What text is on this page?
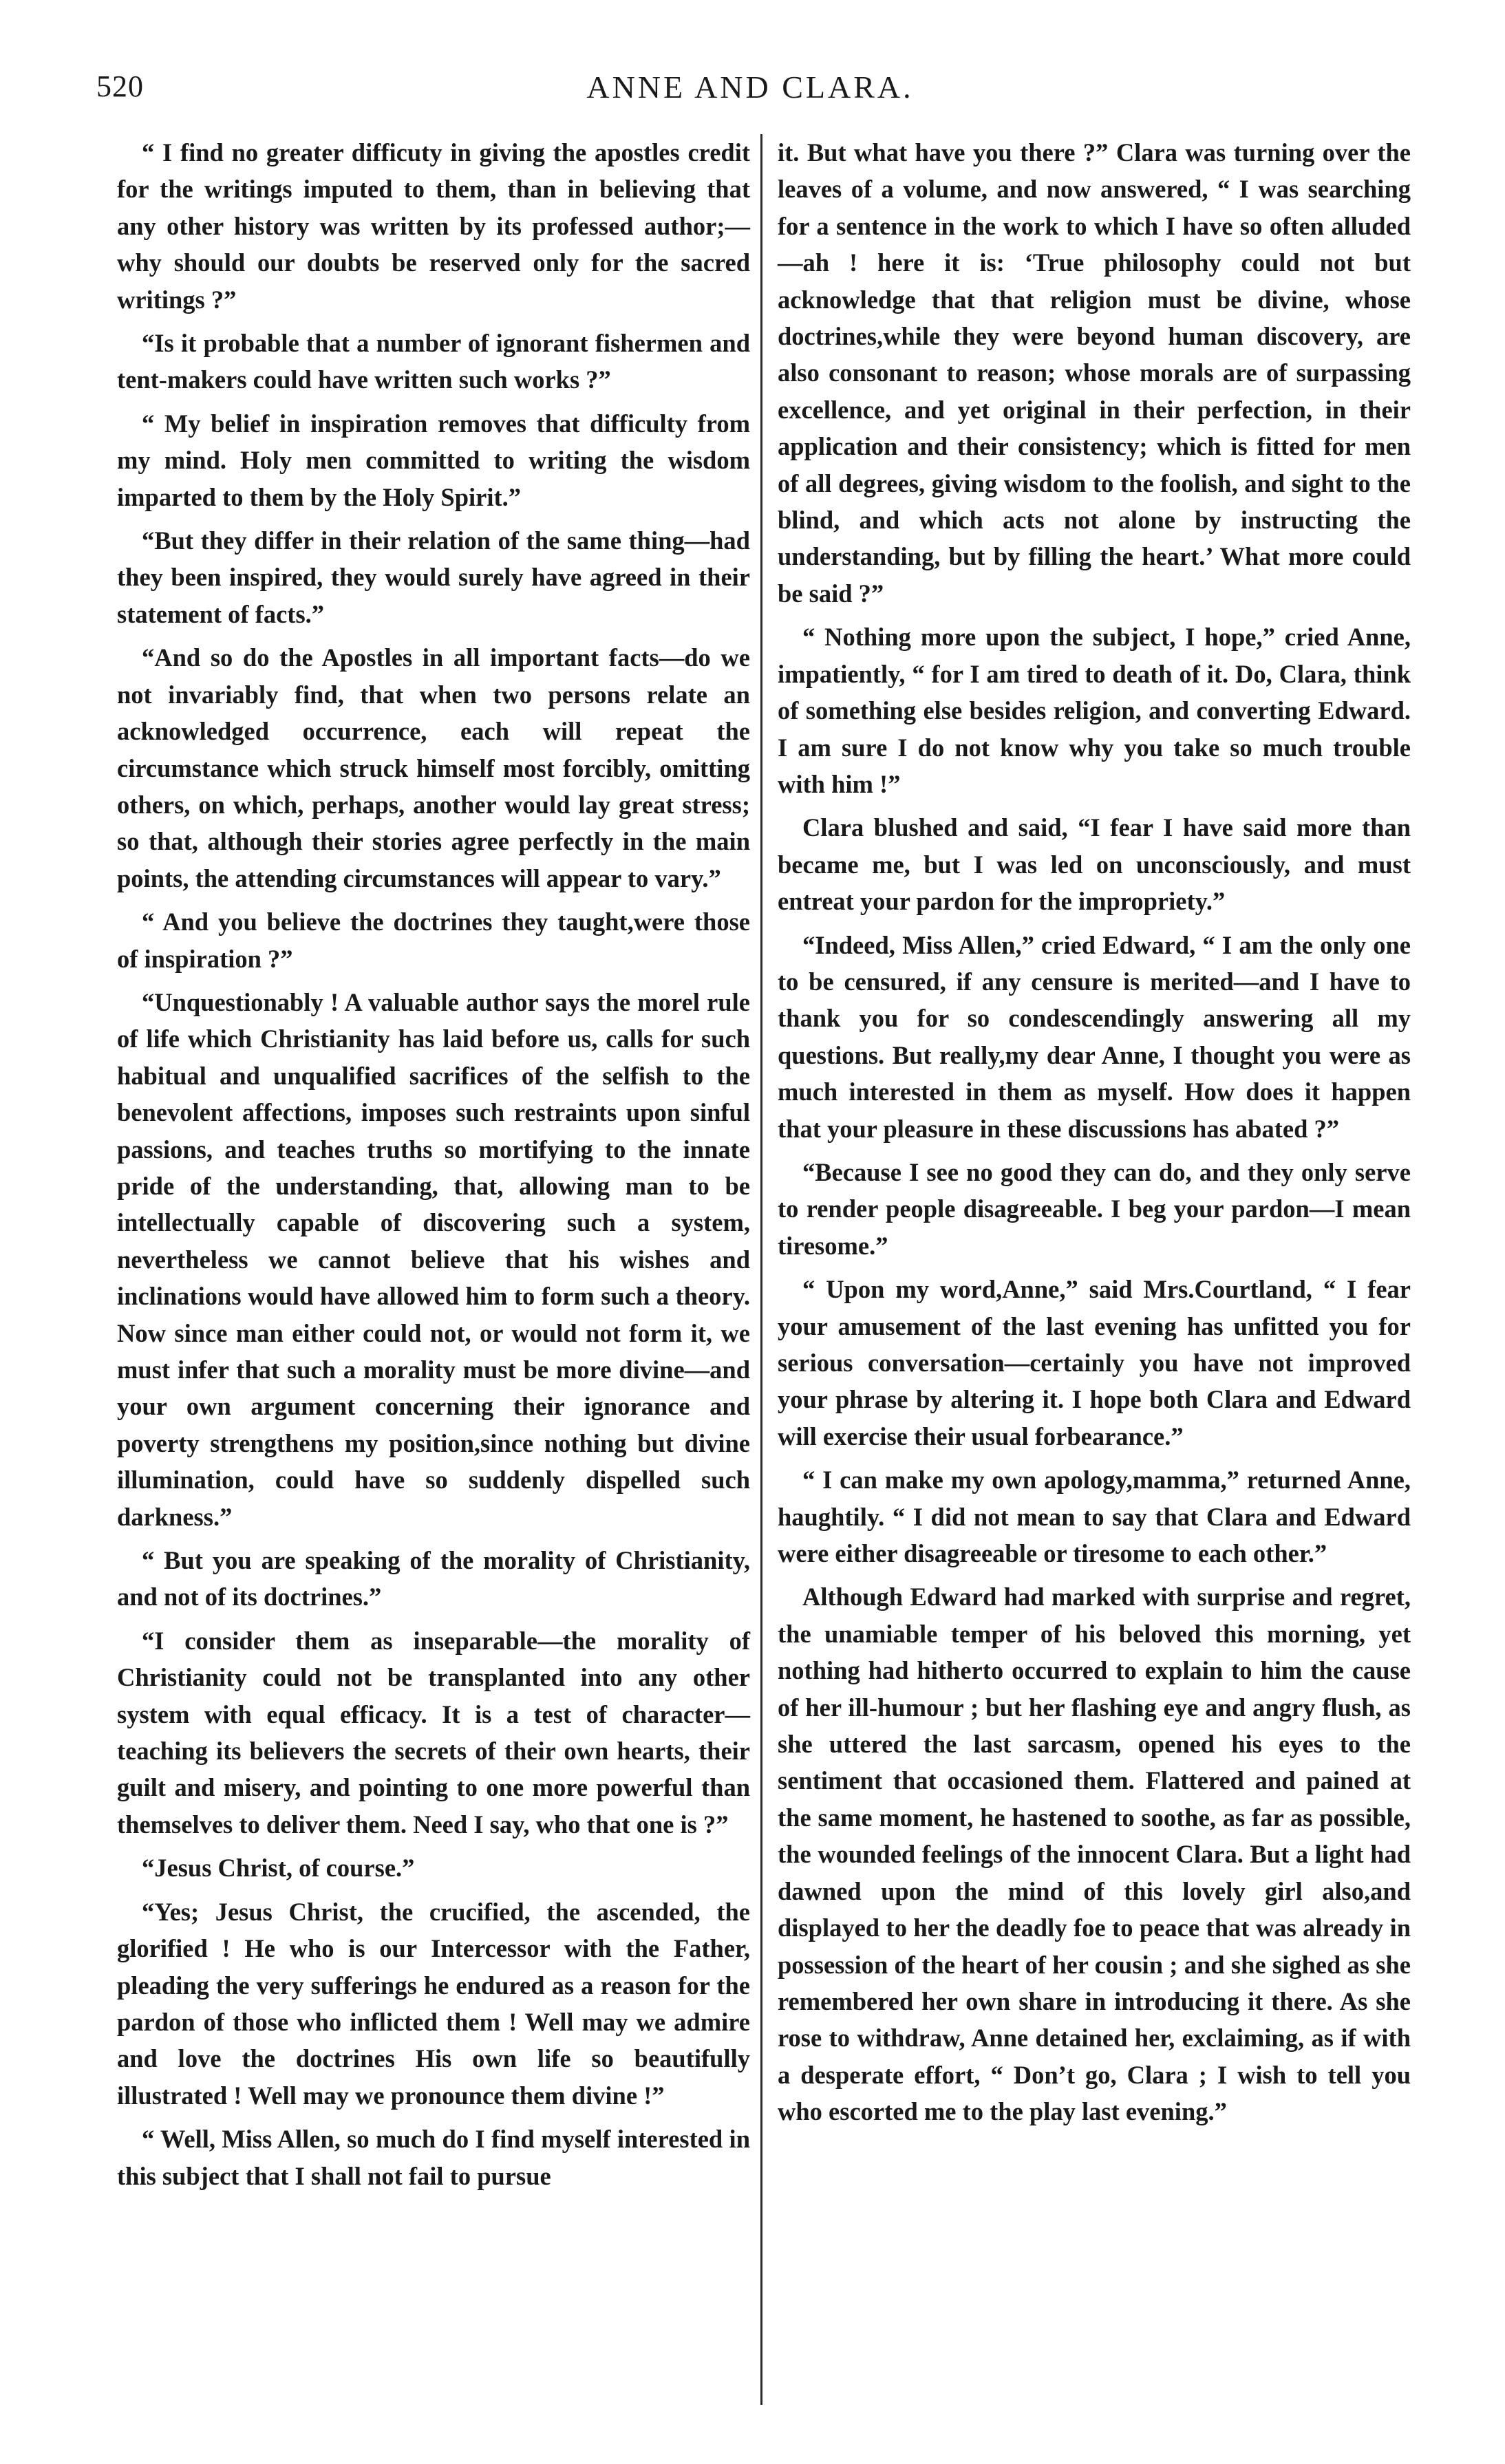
520	ANNE AND CLARA.

“ I find no greater difficuty in giving the apostles credit for the writings imputed to them, than in believing that any other history was written by its professed author;—why should our doubts be reserved only for the sacred writings ?”

“Is it probable that a number of ignorant fishermen and tent-makers could have written such works ?”

“ My belief in inspiration removes that difficulty from my mind. Holy men committed to writing the wisdom imparted to them by the Holy Spirit.”

“But they differ in their relation of the same thing—had they been inspired, they would surely have agreed in their statement of facts.”

“And so do the Apostles in all important facts—do we not invariably find, that when two persons relate an acknowledged occurrence, each will repeat the circumstance which struck himself most forcibly, omitting others, on which, perhaps, another would lay great stress; so that, although their stories agree perfectly in the main points, the attending circumstances will appear to vary.”

“ And you believe the doctrines they taught,were those of inspiration ?”

“Unquestionably ! A valuable author says the morel rule of life which Christianity has laid before us, calls for such habitual and unqualified sacrifices of the selfish to the benevolent affections, imposes such restraints upon sinful passions, and teaches truths so mortifying to the innate pride of the understanding, that, allowing man to be intellectually capable of discovering such a system, nevertheless we cannot believe that his wishes and inclinations would have allowed him to form such a theory. Now since man either could not, or would not form it, we must infer that such a morality must be more divine—and your own argument concerning their ignorance and poverty strengthens my position,since nothing but divine illumination, could have so suddenly dispelled such darkness.”

“ But you are speaking of the morality of Christianity, and not of its doctrines.”

“I consider them as inseparable—the morality of Christianity could not be transplanted into any other system with equal efficacy. It is a test of character—teaching its believers the secrets of their own hearts, their guilt and misery, and pointing to one more powerful than themselves to deliver them. Need I say, who that one is ?”

“Jesus Christ, of course.”

“Yes; Jesus Christ, the crucified, the ascended, the glorified ! He who is our Intercessor with the Father, pleading the very sufferings he endured as a reason for the pardon of those who inflicted them ! Well may we admire and love the doctrines His own life so beautifully illustrated ! Well may we pronounce them divine !”

“ Well, Miss Allen, so much do I find myself interested in this subject that I shall not fail to pursue

it. But what have you there ?” Clara was turning over the leaves of a volume, and now answered, “ I was searching for a sentence in the work to which I have so often alluded—ah ! here it is: ‘True philosophy could not but acknowledge that that religion must be divine, whose doctrines,while they were beyond human discovery, are also consonant to reason; whose morals are of surpassing excellence, and yet original in their perfection, in their application and their consistency; which is fitted for men of all degrees, giving wisdom to the foolish, and sight to the blind, and which acts not alone by instructing the understanding, but by filling the heart.’ What more could be said ?”

“ Nothing more upon the subject, I hope,” cried Anne, impatiently, “ for I am tired to death of it. Do, Clara, think of something else besides religion, and converting Edward. I am sure I do not know why you take so much trouble with him !”

Clara blushed and said, “I fear I have said more than became me, but I was led on unconsciously, and must entreat your pardon for the impropriety.”

“Indeed, Miss Allen,” cried Edward, “ I am the only one to be censured, if any censure is merited—and I have to thank you for so condescendingly answering all my questions. But really,my dear Anne, I thought you were as much interested in them as myself. How does it happen that your pleasure in these discussions has abated ?”

“Because I see no good they can do, and they only serve to render people disagreeable. I beg your pardon—I mean tiresome.”

“ Upon my word,Anne,” said Mrs.Courtland, “ I fear your amusement of the last evening has unfitted you for serious conversation—certainly you have not improved your phrase by altering it. I hope both Clara and Edward will exercise their usual forbearance.”

“ I can make my own apology,mamma,” returned Anne, haughtily. “ I did not mean to say that Clara and Edward were either disagreeable or tiresome to each other.”

Although Edward had marked with surprise and regret, the unamiable temper of his beloved this morning, yet nothing had hitherto occurred to explain to him the cause of her ill-humour ; but her flashing eye and angry flush, as she uttered the last sarcasm, opened his eyes to the sentiment that occasioned them. Flattered and pained at the same moment, he hastened to soothe, as far as possible, the wounded feelings of the innocent Clara. But a light had dawned upon the mind of this lovely girl also,and displayed to her the deadly foe to peace that was already in possession of the heart of her cousin ; and she sighed as she remembered her own share in introducing it there. As she rose to withdraw, Anne detained her, exclaiming, as if with a desperate effort, “ Don’t go, Clara ; I wish to tell you who escorted me to the play last evening.”
